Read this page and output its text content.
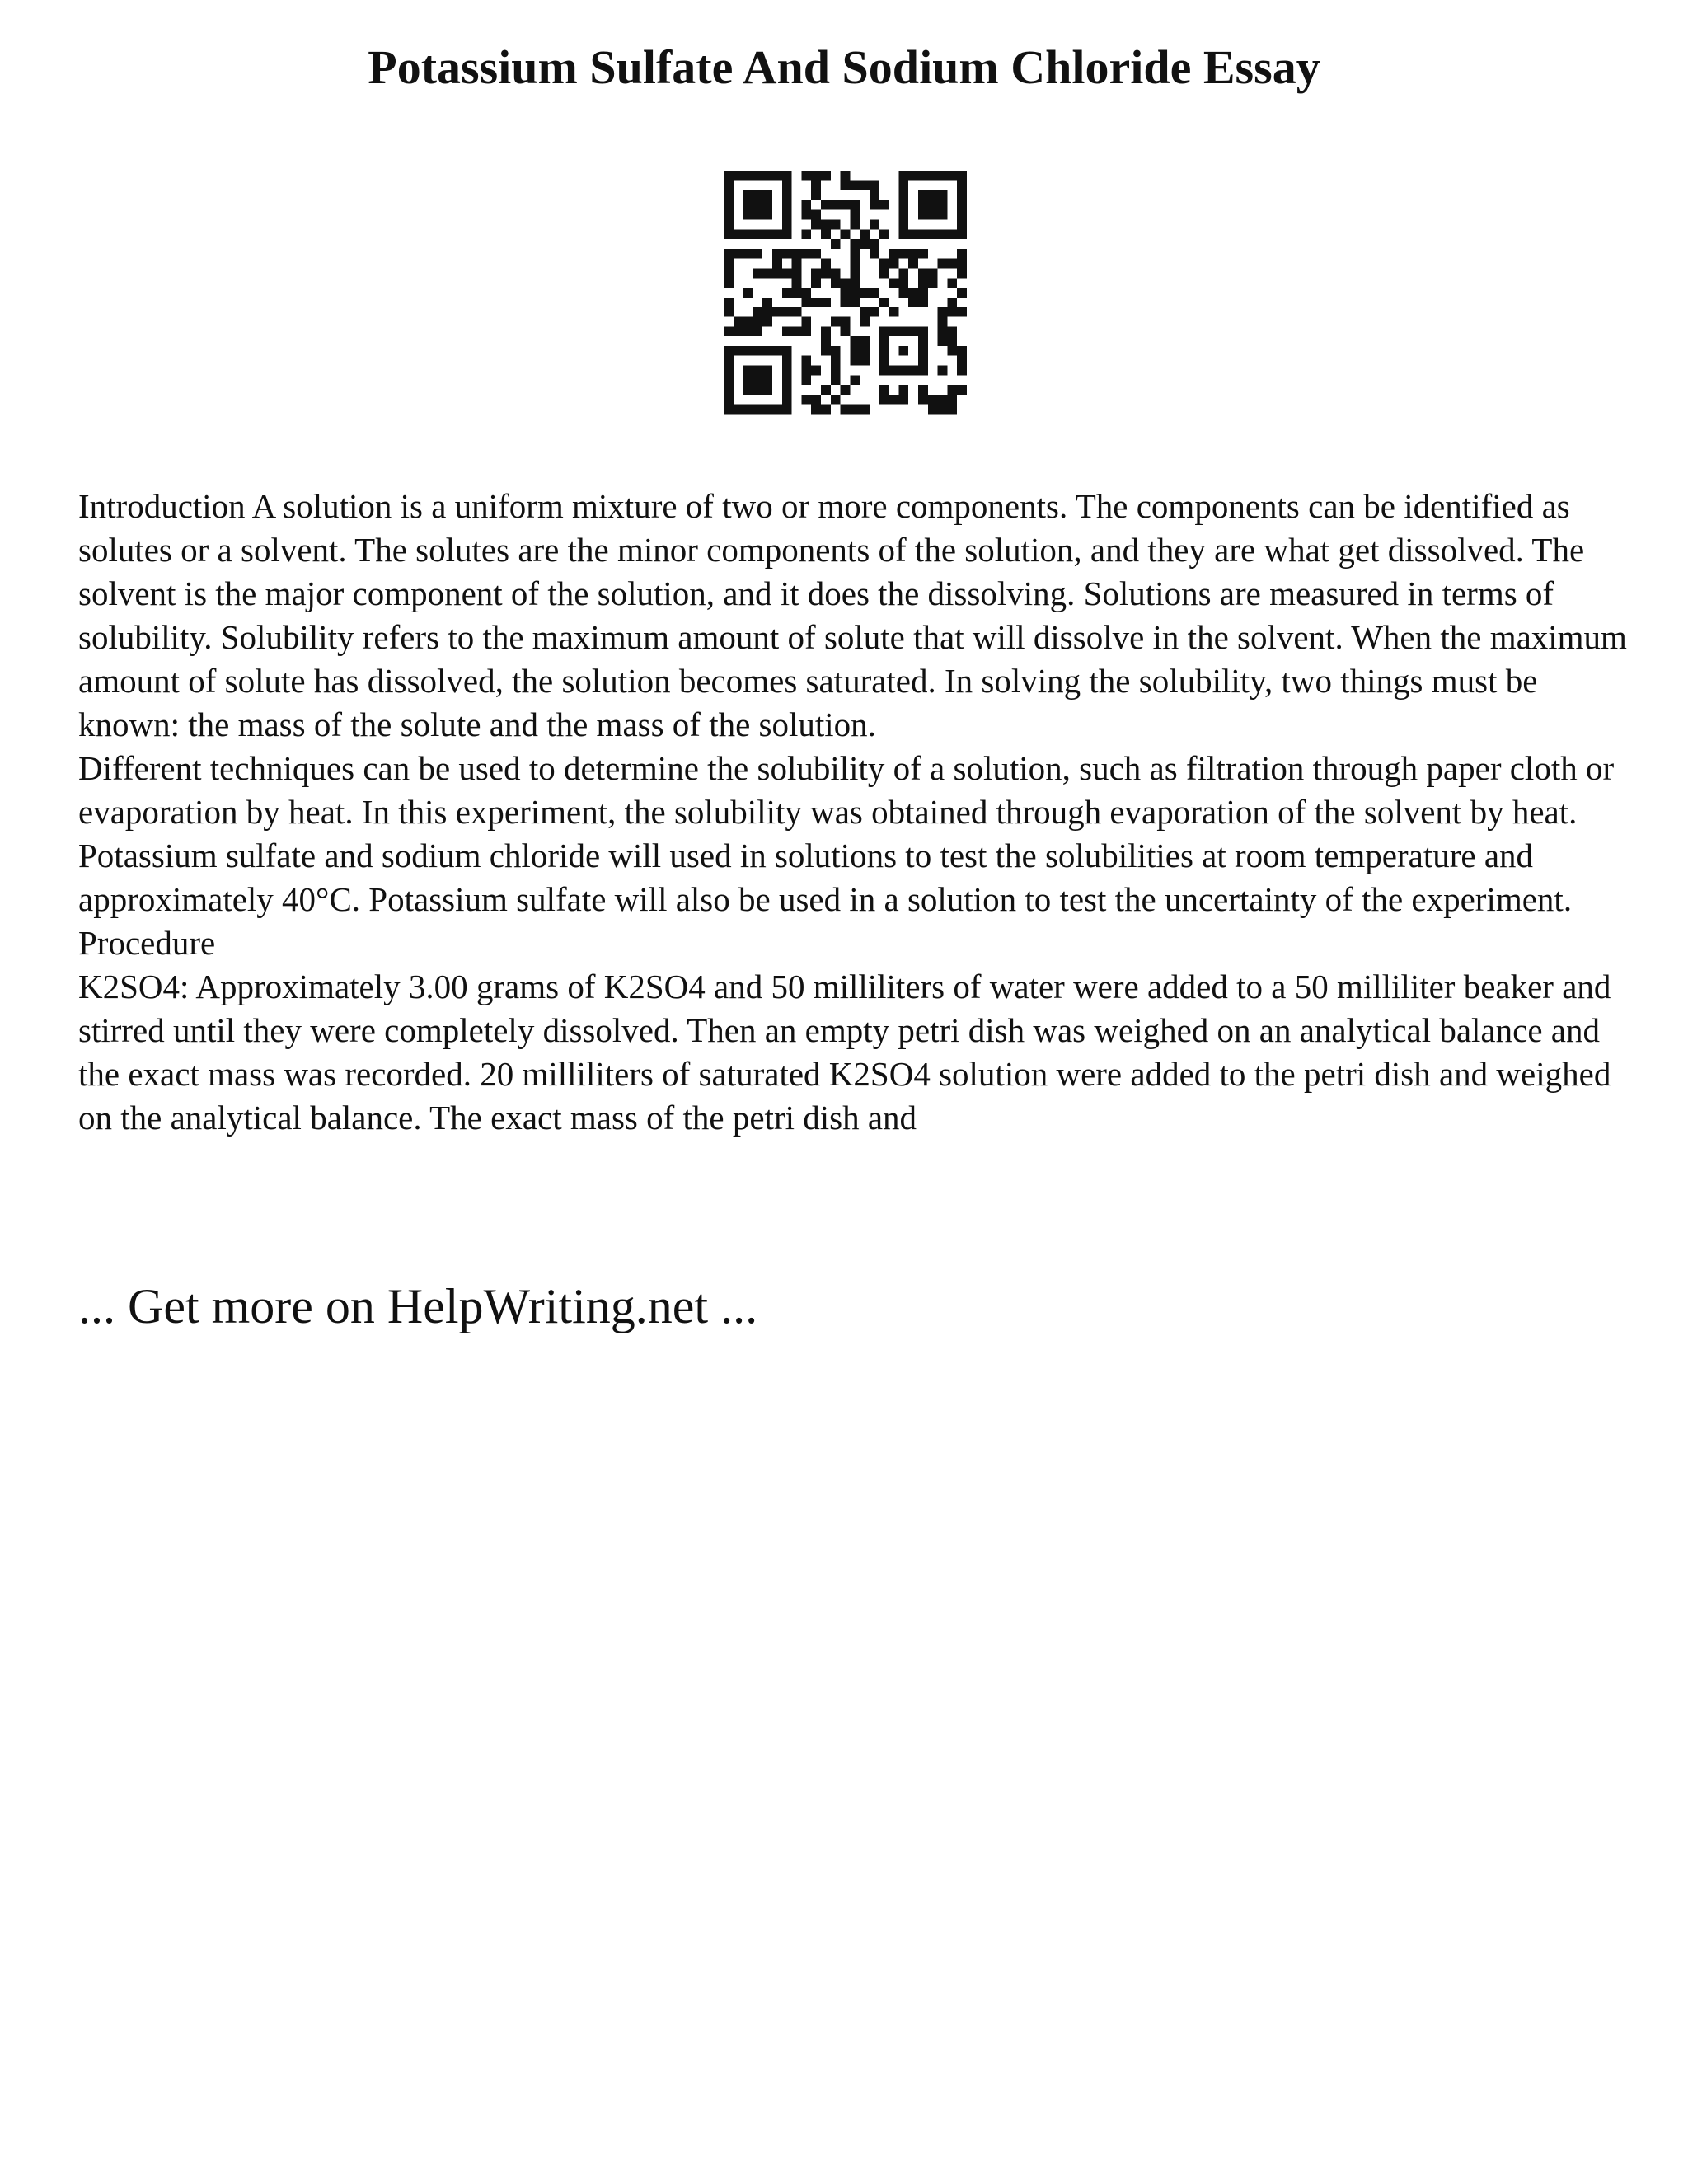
Potassium Sulfate And Sodium Chloride Essay

Introduction A solution is a uniform mixture of two or more components. The components can be identified as solutes or a solvent. The solutes are the minor components of the solution, and they are what get dissolved. The solvent is the major component of the solution, and it does the dissolving. Solutions are measured in terms of solubility. Solubility refers to the maximum amount of solute that will dissolve in the solvent. When the maximum amount of solute has dissolved, the solution becomes saturated. In solving the solubility, two things must be known: the mass of the solute and the mass of the solution.

Different techniques can be used to determine the solubility of a solution, such as filtration through paper cloth or evaporation by heat. In this experiment, the solubility was obtained through evaporation of the solvent by heat. Potassium sulfate and sodium chloride will used in solutions to test the solubilities at room temperature and approximately 40°C. Potassium sulfate will also be used in a solution to test the uncertainty of the experiment.

Procedure

K2SO4: Approximately 3.00 grams of K2SO4 and 50 milliliters of water were added to a 50 milliliter beaker and stirred until they were completely dissolved. Then an empty petri dish was weighed on an analytical balance and the exact mass was recorded. 20 milliliters of saturated K2SO4 solution were added to the petri dish and weighed on the analytical balance. The exact mass of the petri dish and

... Get more on HelpWriting.net ...
